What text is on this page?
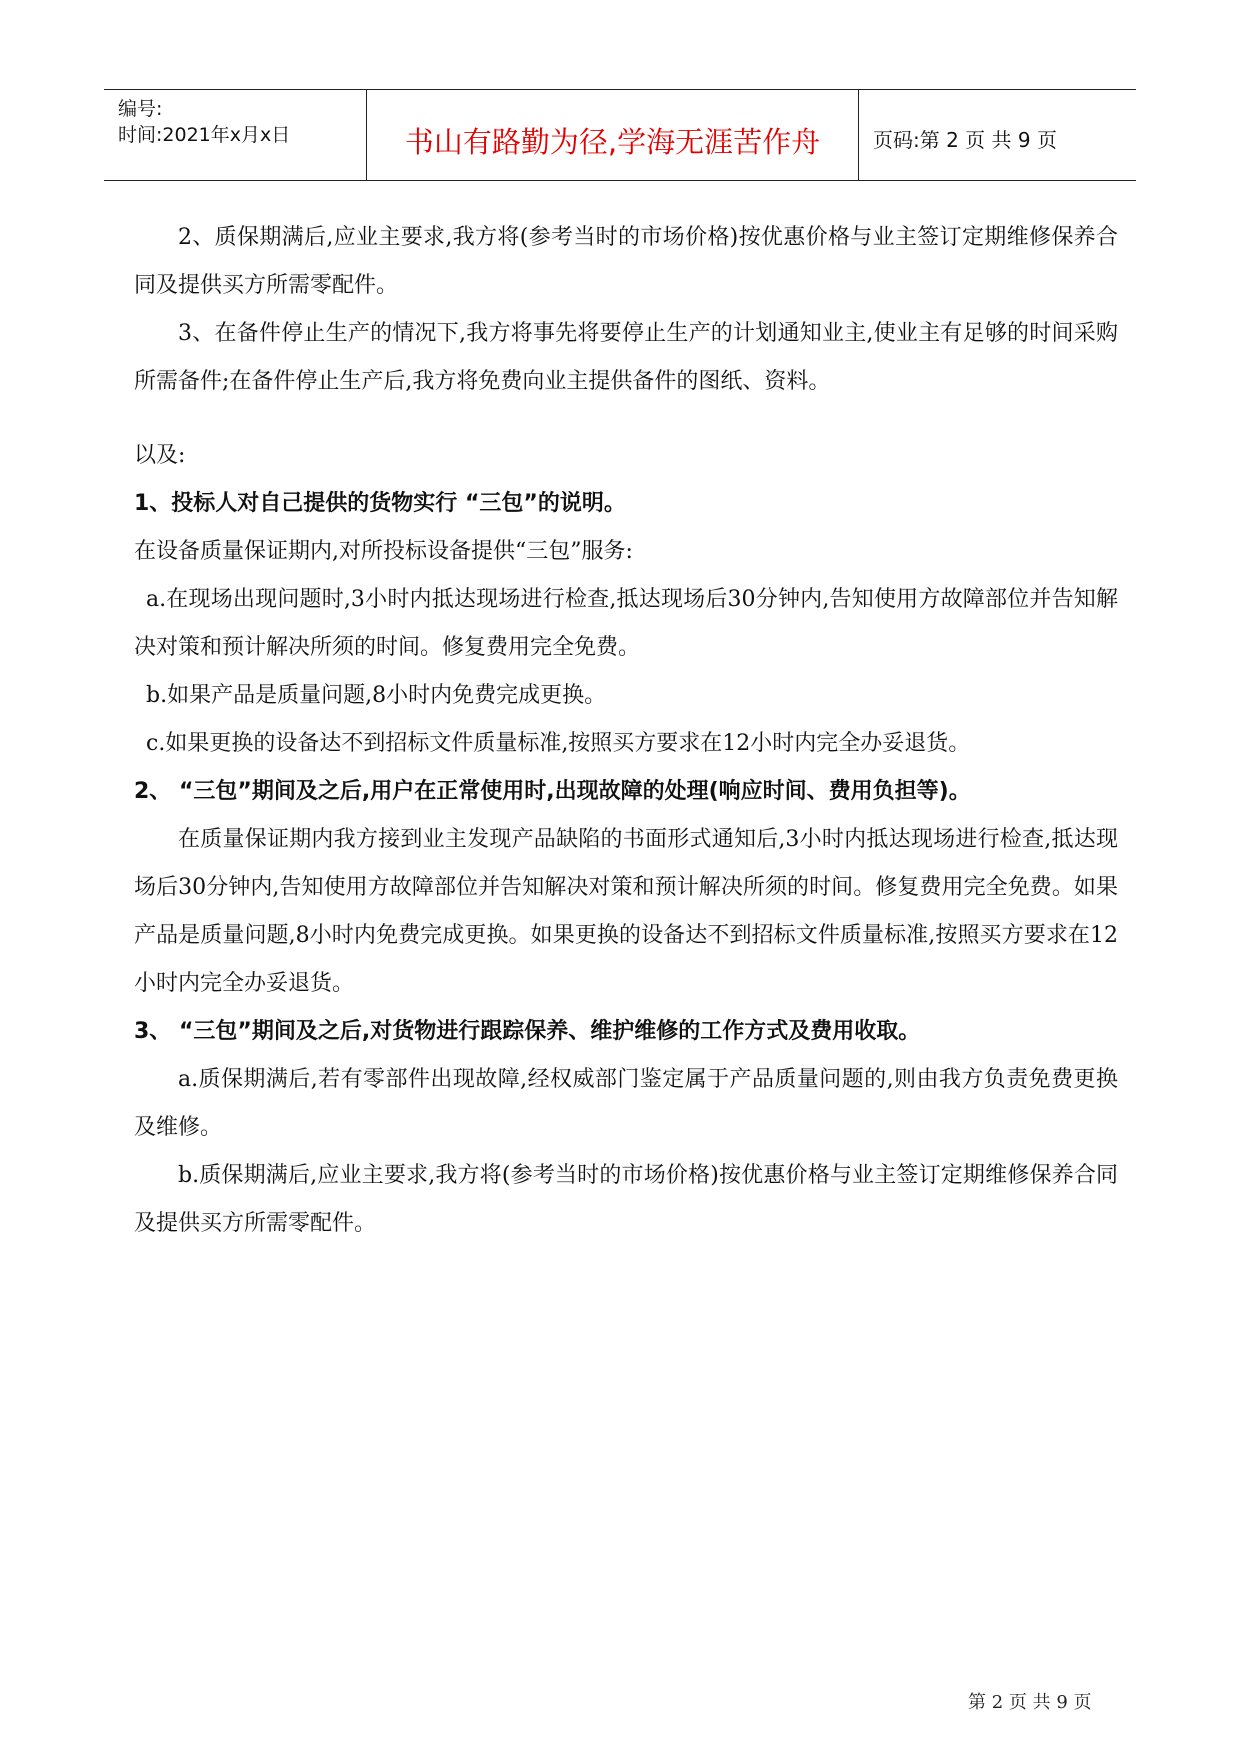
编号:
时间:2021年x月x日	书山有路勤为径,学海无涯苦作舟	页码:第 2 页 共 9 页

2、质保期满后,应业主要求,我方将(参考当时的市场价格)按优惠价格与业主签订定期维修保养合同及提供买方所需零配件。

3、在备件停止生产的情况下,我方将事先将要停止生产的计划通知业主,使业主有足够的时间采购所需备件;在备件停止生产后,我方将免费向业主提供备件的图纸、资料。

以及:

1、投标人对自己提供的货物实行 “三包”的说明。

在设备质量保证期内,对所投标设备提供“三包”服务:

a.在现场出现问题时,3小时内抵达现场进行检查,抵达现场后30分钟内,告知使用方故障部位并告知解决对策和预计解决所须的时间。修复费用完全免费。

b.如果产品是质量问题,8小时内免费完成更换。

c.如果更换的设备达不到招标文件质量标准,按照买方要求在12小时内完全办妥退货。

2、 “三包”期间及之后,用户在正常使用时,出现故障的处理(响应时间、费用负担等)。

在质量保证期内我方接到业主发现产品缺陷的书面形式通知后,3小时内抵达现场进行检查,抵达现场后30分钟内,告知使用方故障部位并告知解决对策和预计解决所须的时间。修复费用完全免费。如果产品是质量问题,8小时内免费完成更换。如果更换的设备达不到招标文件质量标准,按照买方要求在12小时内完全办妥退货。

3、 “三包”期间及之后,对货物进行跟踪保养、维护维修的工作方式及费用收取。

a.质保期满后,若有零部件出现故障,经权威部门鉴定属于产品质量问题的,则由我方负责免费更换及维修。

b.质保期满后,应业主要求,我方将(参考当时的市场价格)按优惠价格与业主签订定期维修保养合同及提供买方所需零配件。

第 2 页 共 9 页
